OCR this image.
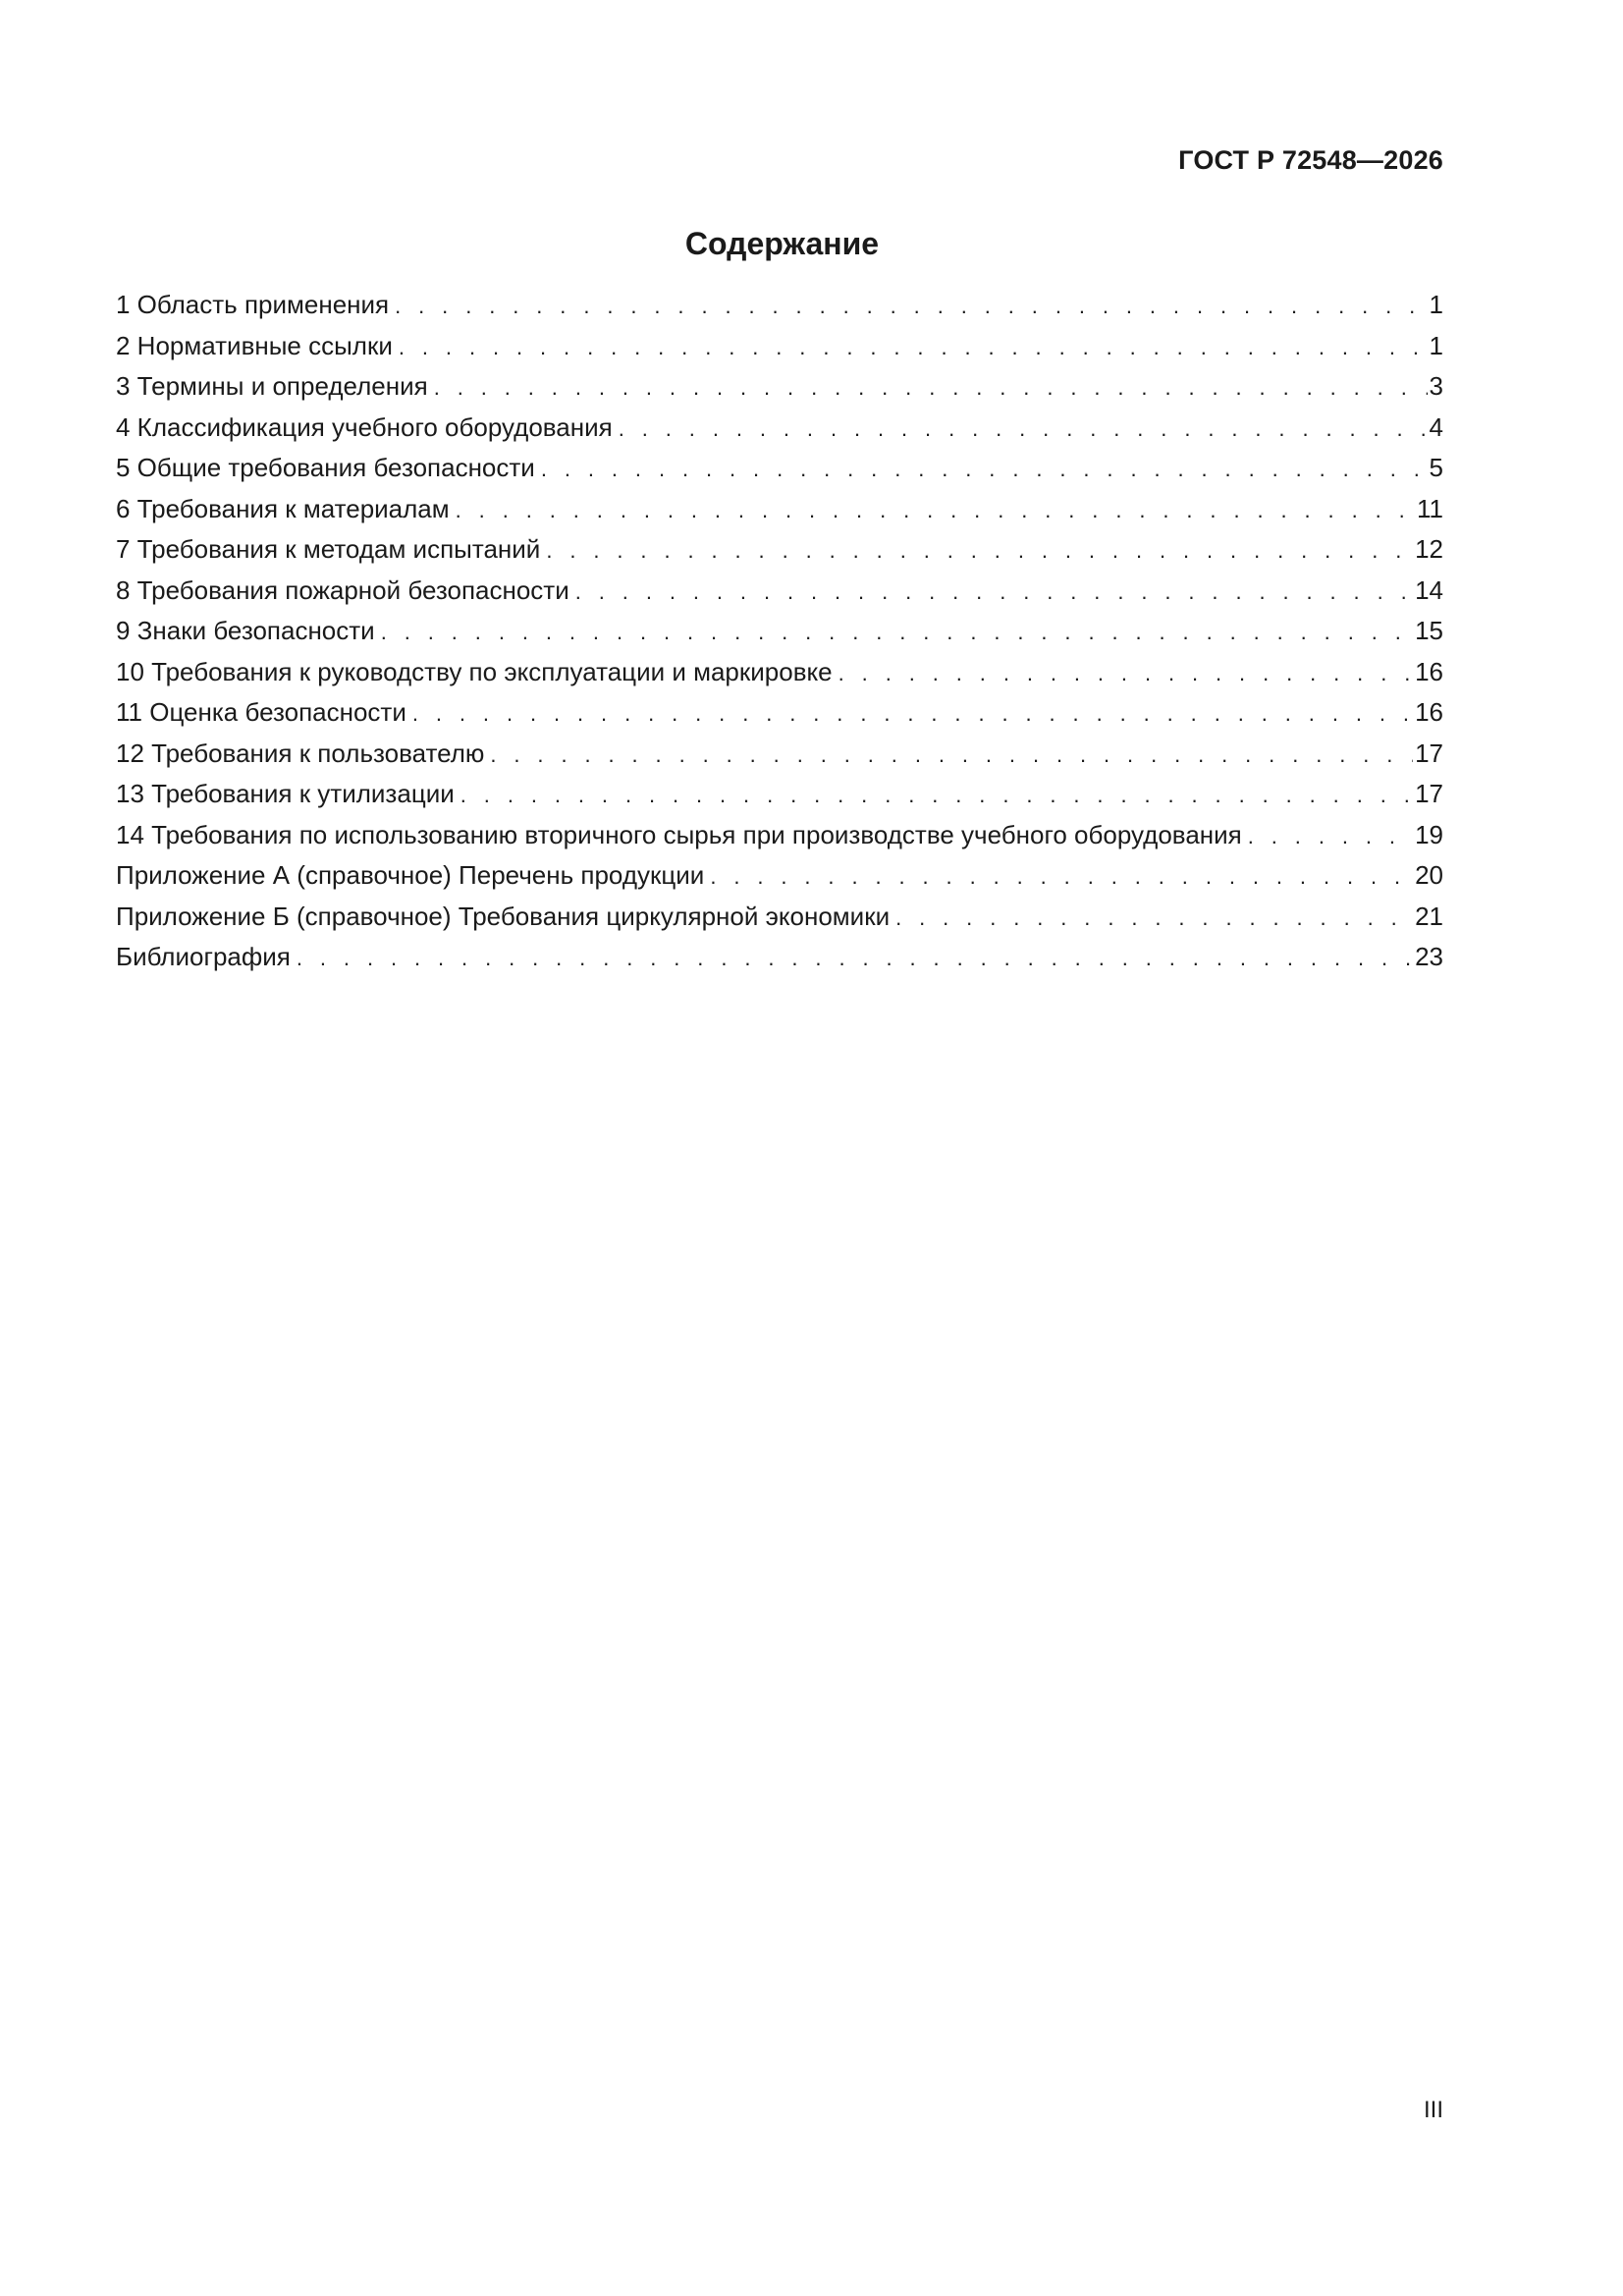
ГОСТ Р 72548—2026
Содержание
1 Область применения . . .	1
2 Нормативные ссылки . . .	1
3 Термины и определения . . .	3
4 Классификация учебного оборудования . . .	4
5 Общие требования безопасности . . .	5
6 Требования к материалам . . .	11
7 Требования к методам испытаний . . .	12
8 Требования пожарной безопасности . . .	14
9 Знаки безопасности . . .	15
10 Требования к руководству по эксплуатации и маркировке . . .	16
11 Оценка безопасности . . .	16
12 Требования к пользователю . . .	17
13 Требования к утилизации . . .	17
14 Требования по использованию вторичного сырья при производстве учебного оборудования . . .	19
Приложение А (справочное) Перечень продукции . . .	20
Приложение Б (справочное) Требования циркулярной экономики . . .	21
Библиография . . .	23
III
